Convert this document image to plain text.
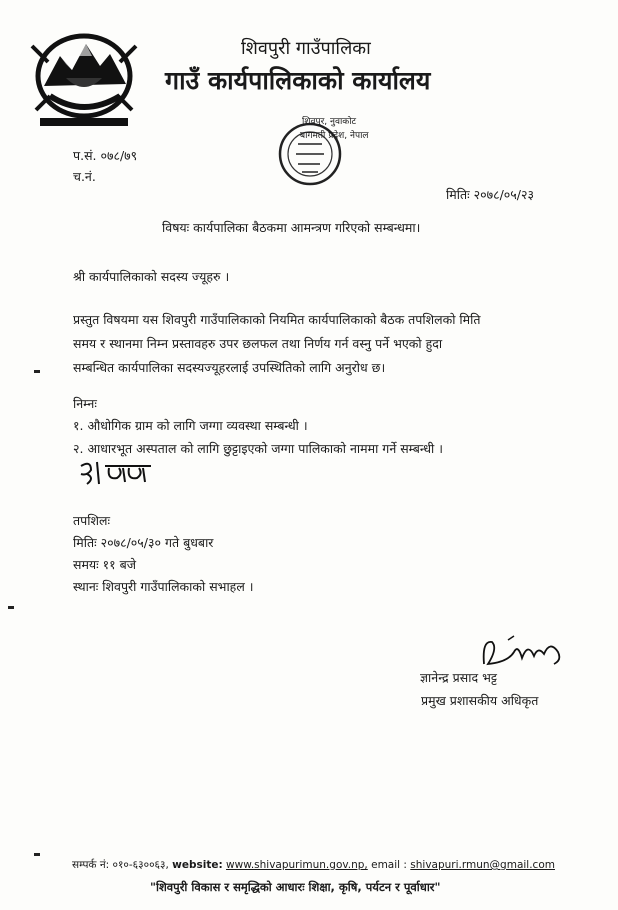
शिवपुरी गाउँपालिका
गाउँ कार्यपालिकाको कार्यालय
शिवपुर, नुवाकोट
बागमती प्रदेश, नेपाल
प.सं. ०७८/७९
च.नं.
मितिः २०७८/०५/२३
विषयः कार्यपालिका बैठकमा आमन्त्रण गरिएको सम्बन्धमा।
श्री कार्यपालिकाको सदस्य ज्यूहरु ।
प्रस्तुत विषयमा यस शिवपुरी गाउँपालिकाको नियमित कार्यपालिकाको बैठक तपशिलको मिति
समय र स्थानमा निम्न प्रस्तावहरु उपर छलफल तथा निर्णय गर्न वस्नु पर्ने भएको हुदा
सम्बन्धित कार्यपालिका सदस्यज्यूहरलाई उपस्थितिको लागि अनुरोध छ।
निम्नः
१. औधोगिक ग्राम को लागि जग्गा व्यवस्था सम्बन्धी ।
२. आधारभूत अस्पताल को लागि छुट्टाइएको जग्गा पालिकाको नाममा गर्ने सम्बन्धी ।
तपशिलः
मितिः २०७८/०५/३० गते बुधबार
समयः ११ बजे
स्थानः शिवपुरी गाउँपालिकाको सभाहल ।
ज्ञानेन्द्र प्रसाद भट्ट
प्रमुख प्रशासकीय अधिकृत
सम्पर्क नं: ०१०-६३००६३, website: www.shivapurimun.gov.np, email : shivapuri.rmun@gmail.com
"शिवपुरी विकास र समृद्धिको आधारः शिक्षा, कृषि, पर्यटन र पूर्वाधार"
